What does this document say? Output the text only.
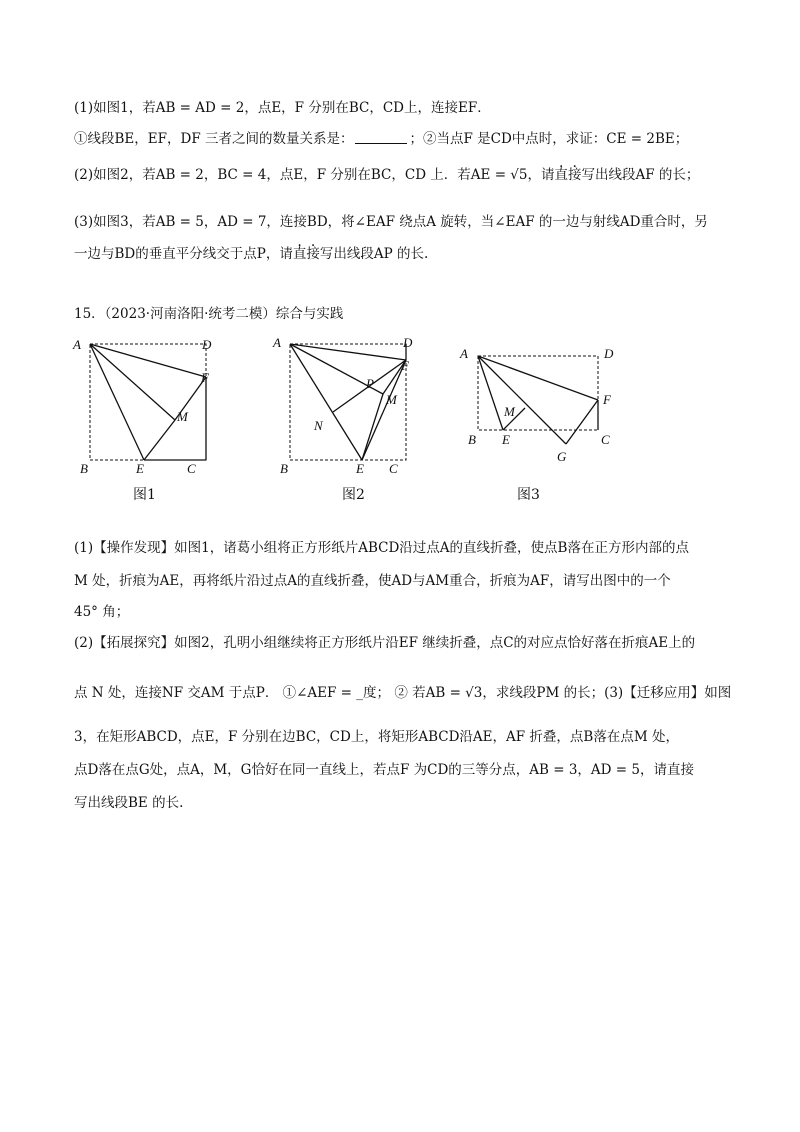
(1)如图1，若AB = AD = 2，点E，F 分别在BC，CD上，连接EF．
①线段BE，EF，DF 三者之间的数量关系是：	；②当点F 是CD中点时，求证：CE = 2BE；
(2)如图2，若AB = 2，BC = 4，点E，F 分别在BC，CD 上．若AE = √5，请直接写出线段AF 的长；
(3)如图3，若AB = 5，AD = 7，连接BD，将∠EAF 绕点A 旋转，当∠EAF 的一边与射线AD重合时，另
一边与BD的垂直平分线交于点P，请直接写出线段AP 的长.
15．（2023·河南洛阳·统考二模）综合与实践
A	D
F
M
B	E	C
图1
A	D
F
P
M
N
B	E C
图2
A	D
F
M
B E
G
C
图3
(1)【操作发现】如图1，诸葛小组将正方形纸片ABCD沿过点A的直线折叠，使点B落在正方形内部的点
M 处，折痕为AE，再将纸片沿过点A的直线折叠，使AD与AM重合，折痕为AF，请写出图中的一个
45° 角；
(2)【拓展探究】如图2，孔明小组继续将正方形纸片沿EF 继续折叠，点C的对应点恰好落在折痕AE上的
点 N 处，连接NF 交AM 于点P． ①∠AEF = _度； ② 若AB = √3，求线段PM 的长；(3)【迁移应用】如图
3，在矩形ABCD，点E，F 分别在边BC，CD上，将矩形ABCD沿AE，AF 折叠，点B落在点M 处，
点D落在点G处，点A，M，G恰好在同一直线上，若点F 为CD的三等分点，AB = 3，AD = 5，请直接
写出线段BE 的长.
